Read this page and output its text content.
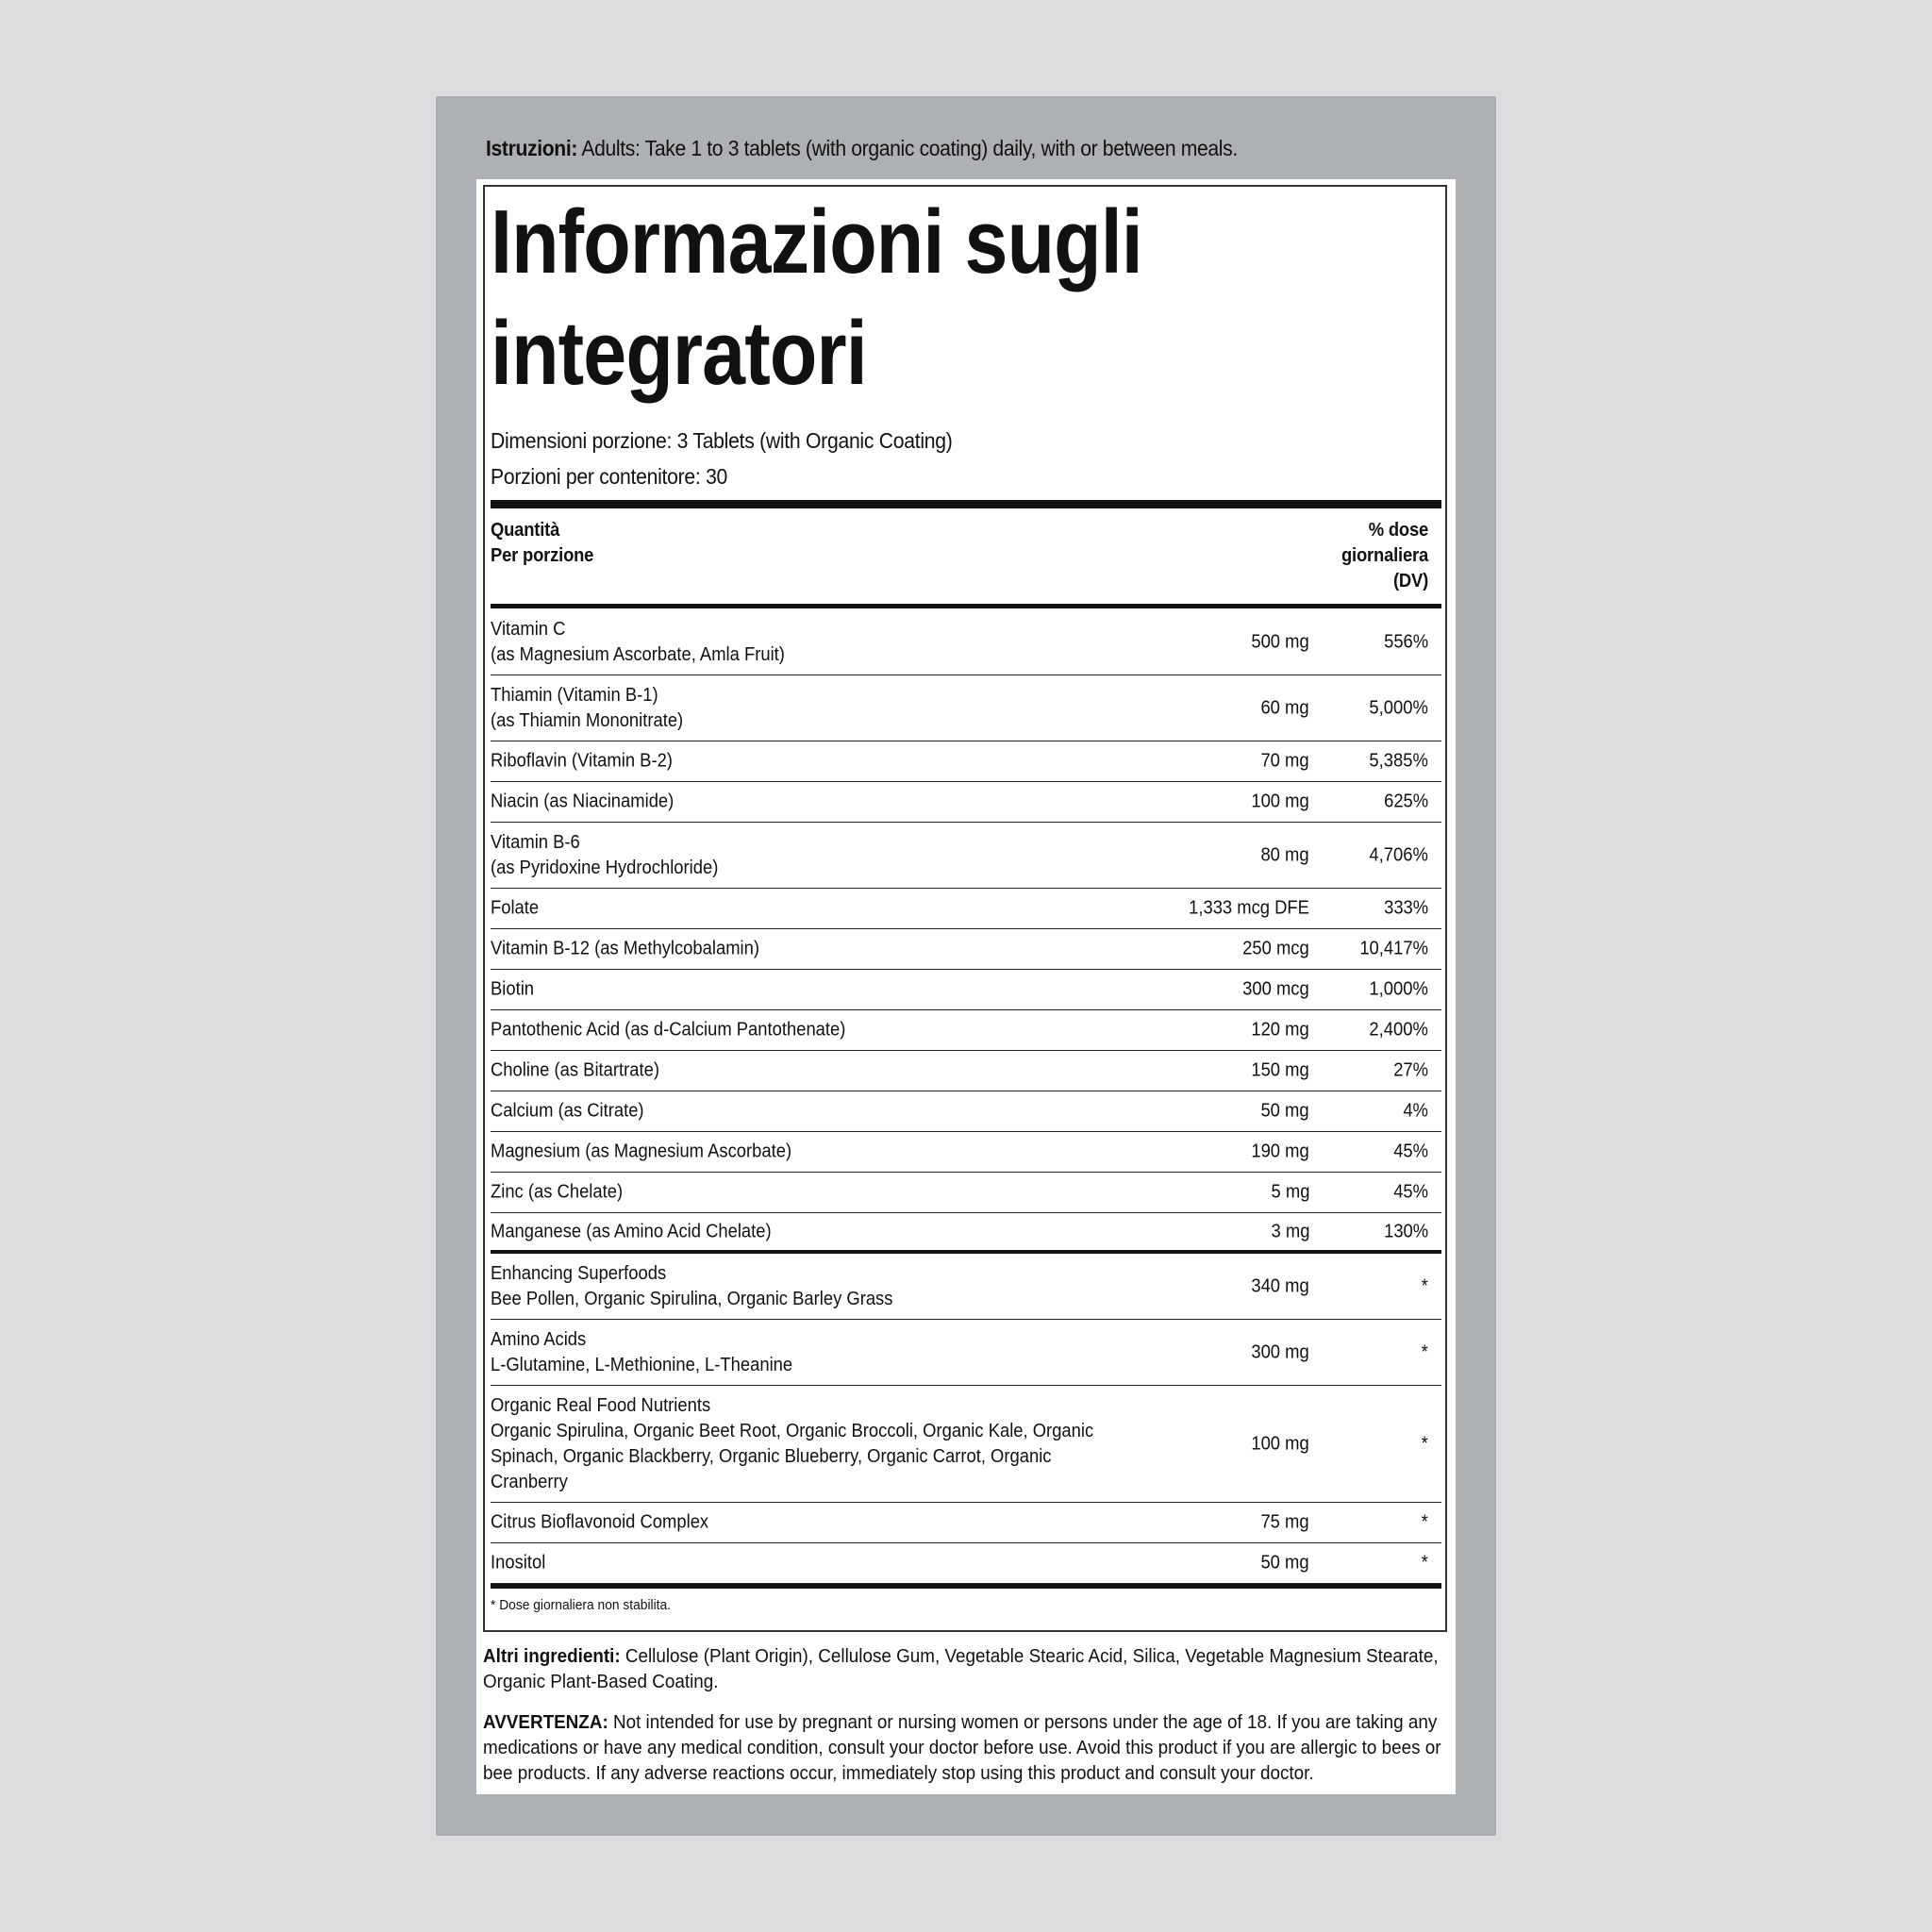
Istruzioni: Adults: Take 1 to 3 tablets (with organic coating) daily, with or between meals.
Informazioni sugli integratori
Dimensioni porzione: 3 Tablets (with Organic Coating)
Porzioni per contenitore: 30
Quantità
Per porzione
% dose
giornaliera
(DV)
Vitamin C
(as Magnesium Ascorbate, Amla Fruit)
500 mg	556%
Thiamin (Vitamin B-1)
(as Thiamin Mononitrate)
60 mg	5,000%
Riboflavin (Vitamin B-2)	70 mg	5,385%
Niacin (as Niacinamide)	100 mg	625%
Vitamin B-6
(as Pyridoxine Hydrochloride)
80 mg	4,706%
Folate	1,333 mcg DFE	333%
Vitamin B-12 (as Methylcobalamin)	250 mcg	10,417%
Biotin	300 mcg	1,000%
Pantothenic Acid (as d-Calcium Pantothenate)	120 mg	2,400%
Choline (as Bitartrate)	150 mg	27%
Calcium (as Citrate)	50 mg	4%
Magnesium (as Magnesium Ascorbate)	190 mg	45%
Zinc (as Chelate)	5 mg	45%
Manganese (as Amino Acid Chelate)	3 mg	130%
Enhancing Superfoods
Bee Pollen, Organic Spirulina, Organic Barley Grass
340 mg	*
Amino Acids
L-Glutamine, L-Methionine, L-Theanine
300 mg	*
Organic Real Food Nutrients
Organic Spirulina, Organic Beet Root, Organic Broccoli, Organic Kale, Organic Spinach, Organic Blackberry, Organic Blueberry, Organic Carrot, Organic Cranberry
100 mg	*
Citrus Bioflavonoid Complex	75 mg	*
Inositol	50 mg	*
* Dose giornaliera non stabilita.
Altri ingredienti: Cellulose (Plant Origin), Cellulose Gum, Vegetable Stearic Acid, Silica, Vegetable Magnesium Stearate, Organic Plant-Based Coating.
AVVERTENZA: Not intended for use by pregnant or nursing women or persons under the age of 18. If you are taking any medications or have any medical condition, consult your doctor before use. Avoid this product if you are allergic to bees or bee products. If any adverse reactions occur, immediately stop using this product and consult your doctor.
